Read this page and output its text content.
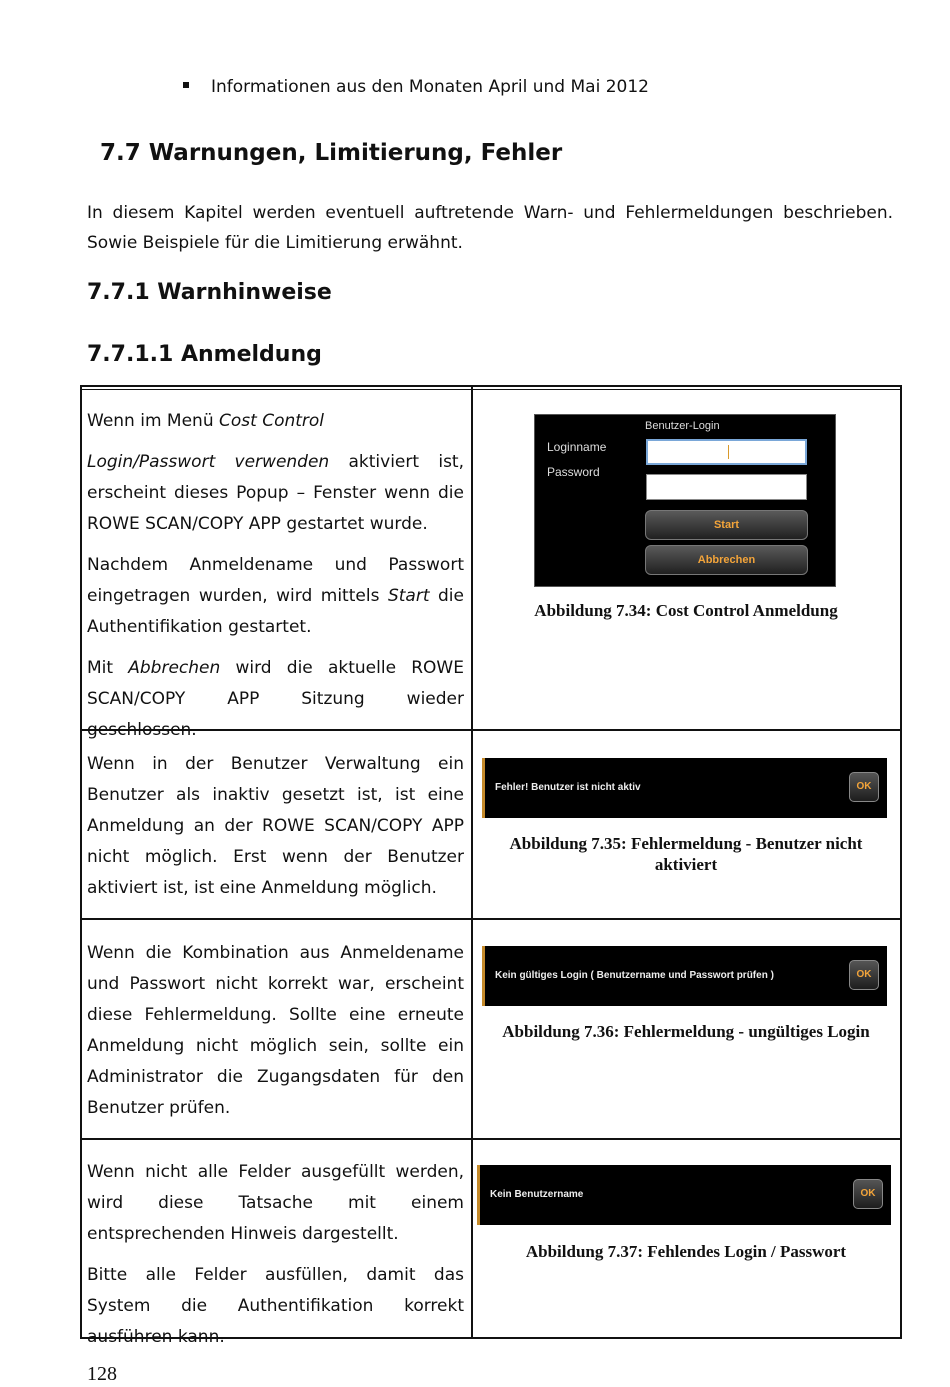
Informationen aus den Monaten April und Mai 2012
7.7 Warnungen, Limitierung, Fehler

In diesem Kapitel werden eventuell auftretende Warn- und Fehlermeldungen beschrieben. Sowie Beispiele für die Limitierung erwähnt.

7.7.1 Warnhinweise
7.7.1.1 Anmeldung

Wenn im Menü Cost Control

Login/Passwort verwenden aktiviert ist, erscheint dieses Popup – Fenster wenn die ROWE SCAN/COPY APP gestartet wurde.

Nachdem Anmeldename und Passwort eingetragen wurden, wird mittels Start die Authentifikation gestartet.

Mit Abbrechen wird die aktuelle ROWE SCAN/COPY APP Sitzung wieder geschlossen.

Benutzer-Login
Loginname
Password
Start
Abbrechen
Abbildung 7.34: Cost Control Anmeldung

Wenn in der Benutzer Verwaltung ein Benutzer als inaktiv gesetzt ist, ist eine Anmeldung an der ROWE SCAN/COPY APP nicht möglich. Erst wenn der Benutzer aktiviert ist, ist eine Anmeldung möglich.

Fehler! Benutzer ist nicht aktiv	OK
Abbildung 7.35: Fehlermeldung - Benutzer nicht aktiviert

Wenn die Kombination aus Anmeldename und Passwort nicht korrekt war, erscheint diese Fehlermeldung. Sollte eine erneute Anmeldung nicht möglich sein, sollte ein Administrator die Zugangsdaten für den Benutzer prüfen.

Kein gültiges Login ( Benutzername und Passwort prüfen )	OK
Abbildung 7.36: Fehlermeldung - ungültiges Login

Wenn nicht alle Felder ausgefüllt werden, wird diese Tatsache mit einem entsprechenden Hinweis dargestellt.

Bitte alle Felder ausfüllen, damit das System die Authentifikation korrekt ausführen kann.

Kein Benutzername	OK
Abbildung 7.37: Fehlendes Login / Passwort
128
